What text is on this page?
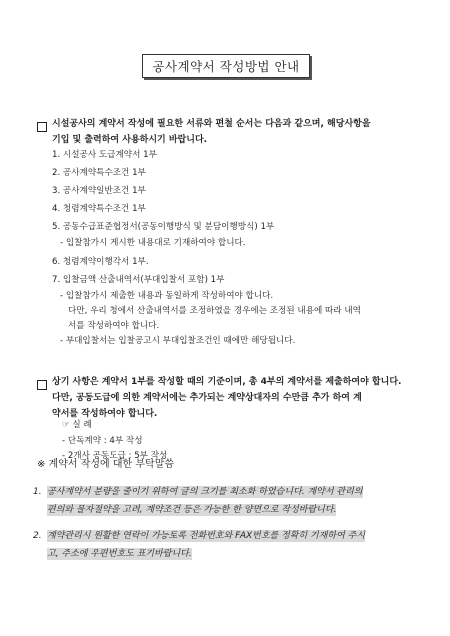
공사계약서 작성방법 안내
시설공사의 계약서 작성에 필요한 서류와 편철 순서는 다음과 같으며, 해당사항을
기입 및 출력하여 사용하시기 바랍니다.
1. 시설공사 도급계약서 1부
2. 공사계약특수조건 1부
3. 공사계약일반조건 1부
4. 청렴계약특수조건 1부
5. 공동수급표준협정서(공동이행방식 및 분담이행방식) 1부
- 입찰참가시 게시한 내용대로 기재하여야 합니다.
6. 청렴계약이행각서 1부.
7. 입찰금액 산출내역서(부대입찰서 포함) 1부
- 입찰참가시 제출한 내용과 동일하게 작성하여야 합니다.
다만, 우리 청에서 산출내역서를 조정하였을 경우에는 조정된 내용에 따라 내역
서를 작성하여야 합니다.
- 부대입찰서는 입찰공고시 부대입찰조건인 때에만 해당됩니다.
상기 사항은 계약서 1부를 작성할 때의 기준이며, 총 4부의 계약서를 제출하여야 합니다.
다만, 공동도급에 의한 계약서에는 추가되는 계약상대자의 수만큼 추가 하여 계
약서를 작성하여야 합니다.
☞ 실 례
- 단독계약 : 4부 작성
- 2개사 공동도급 : 5부 작성
※ 계약서 작성에 대한 부탁말씀
1. 공사계약서 분량을 줄이기 위하여 글의 크기를 최소화 하였습니다. 계약서 관리의
편의와 물자절약을 고려, 계약조건 등은 가능한 한 양면으로 작성바랍니다.
2. 계약관리시 원활한 연락이 가능토록 전화번호와 FAX번호를 정확히 기재하여 주시
고, 주소에 우편번호도 표기바랍니다.
